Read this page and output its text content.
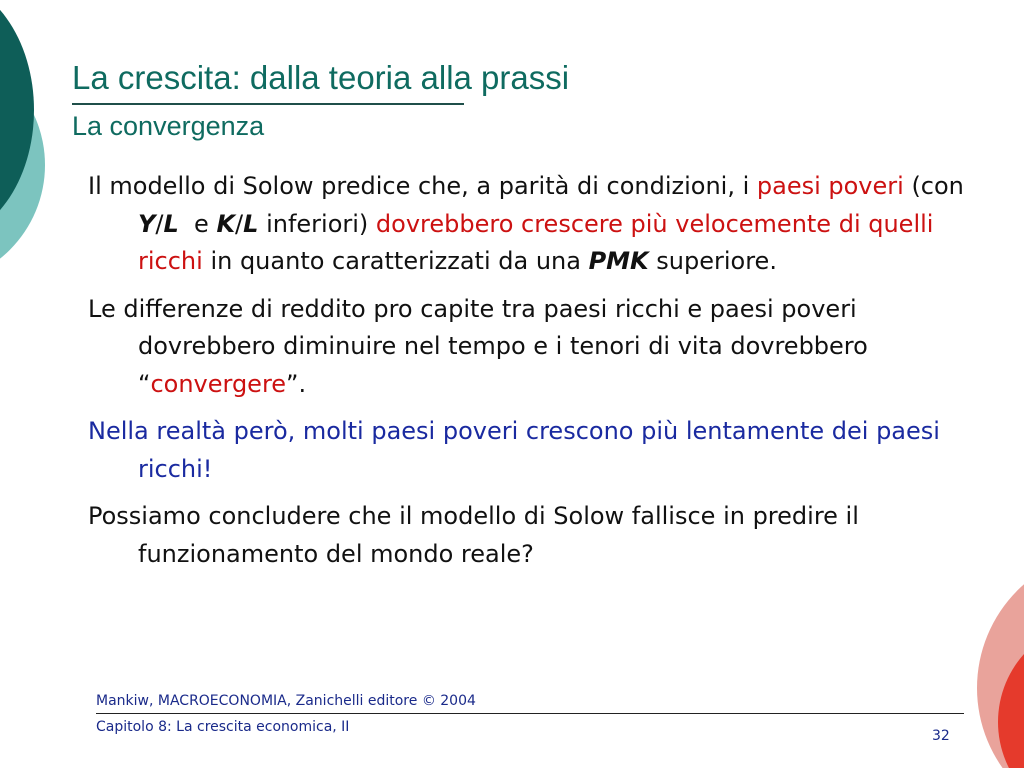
La crescita: dalla teoria alla prassi
La convergenza

Il modello di Solow predice che, a parità di condizioni, i paesi poveri (con Y/L  e K/L inferiori) dovrebbero crescere più velocemente di quelli ricchi in quanto caratterizzati da una PMK superiore.

Le differenze di reddito pro capite tra paesi ricchi e paesi poveri dovrebbero diminuire nel tempo e i tenori di vita dovrebbero “convergere”.

Nella realtà però, molti paesi poveri crescono più lentamente dei paesi ricchi!

Possiamo concludere che il modello di Solow fallisce in predire il funzionamento del mondo reale?

Mankiw, MACROECONOMIA, Zanichelli editore © 2004
Capitolo 8: La crescita economica, II
32
